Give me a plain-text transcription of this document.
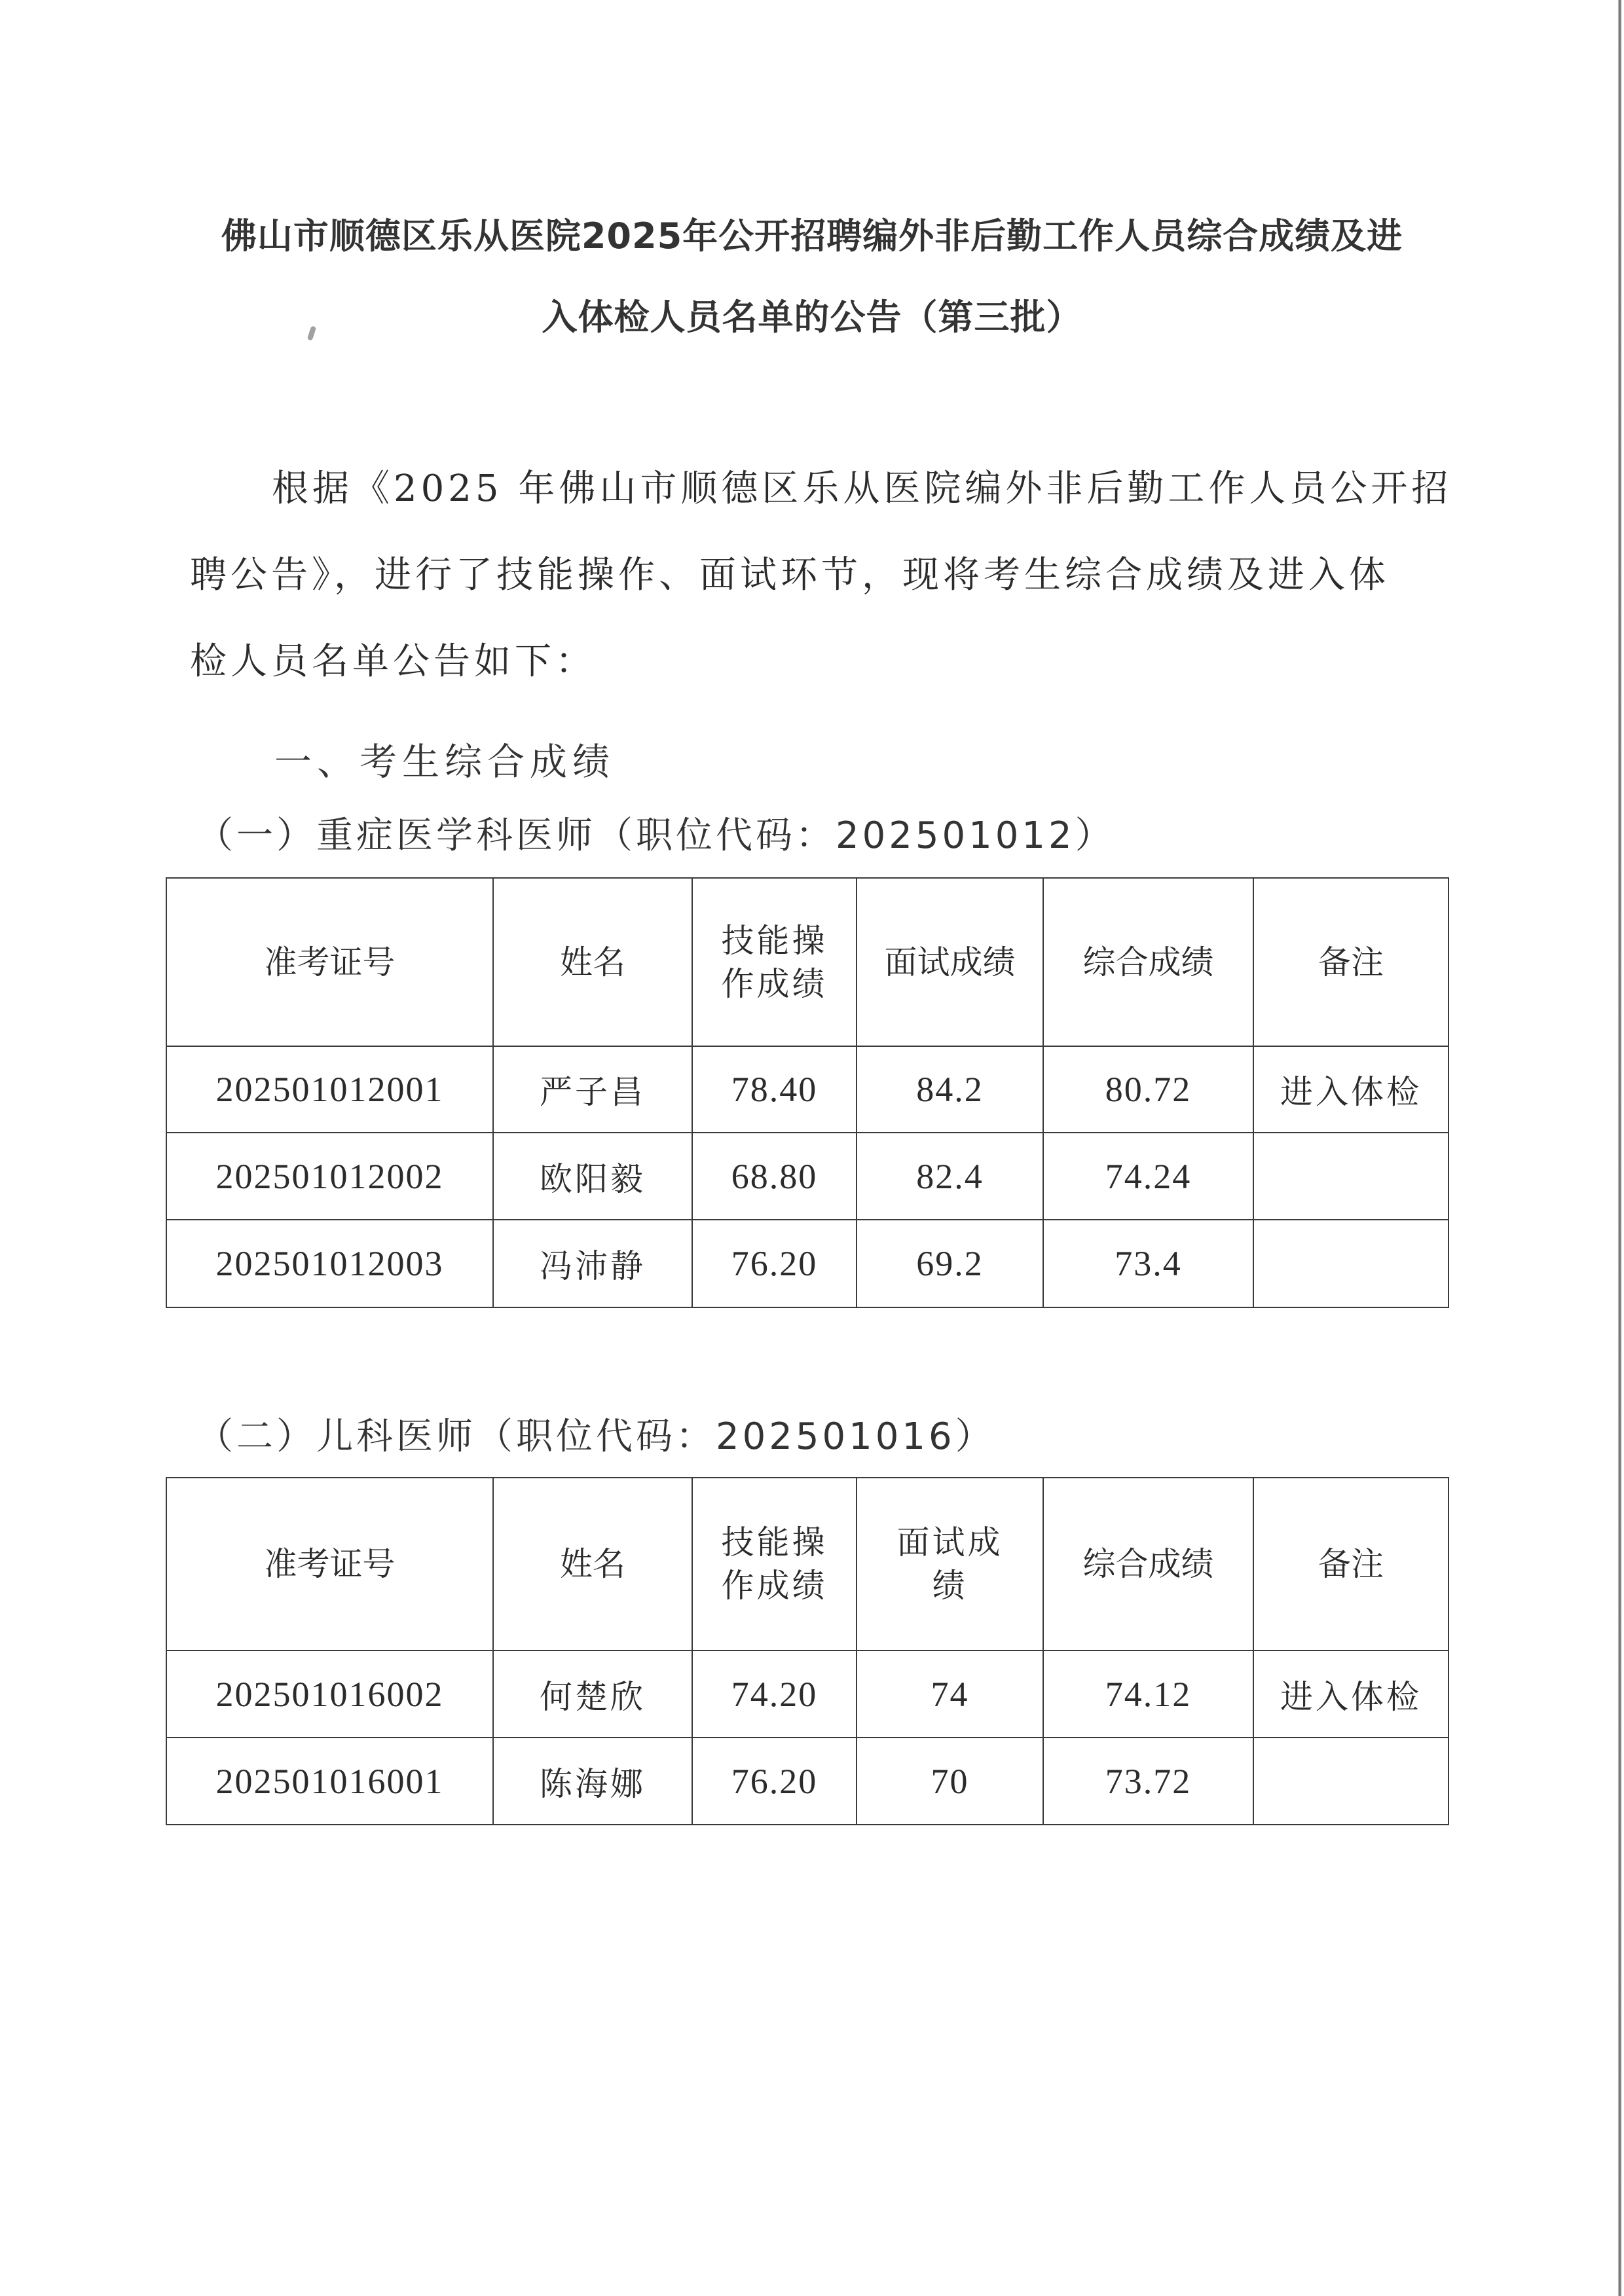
佛山市顺德区乐从医院2025年公开招聘编外非后勤工作人员综合成绩及进
入体检人员名单的公告（第三批）
根据《2025 年佛山市顺德区乐从医院编外非后勤工作人员公开招
聘公告》，进行了技能操作、面试环节，现将考生综合成绩及进入体
检人员名单公告如下：
一、考生综合成绩
（一）重症医学科医师（职位代码：202501012）
准考证号	姓名	技能操作成绩	面试成绩	综合成绩	备注
202501012001	严子昌	78.40	84.2	80.72	进入体检
202501012002	欧阳毅	68.80	82.4	74.24	
202501012003	冯沛静	76.20	69.2	73.4	
（二）儿科医师（职位代码：202501016）
准考证号	姓名	技能操作成绩	面试成绩	综合成绩	备注
202501016002	何楚欣	74.20	74	74.12	进入体检
202501016001	陈海娜	76.20	70	73.72	
